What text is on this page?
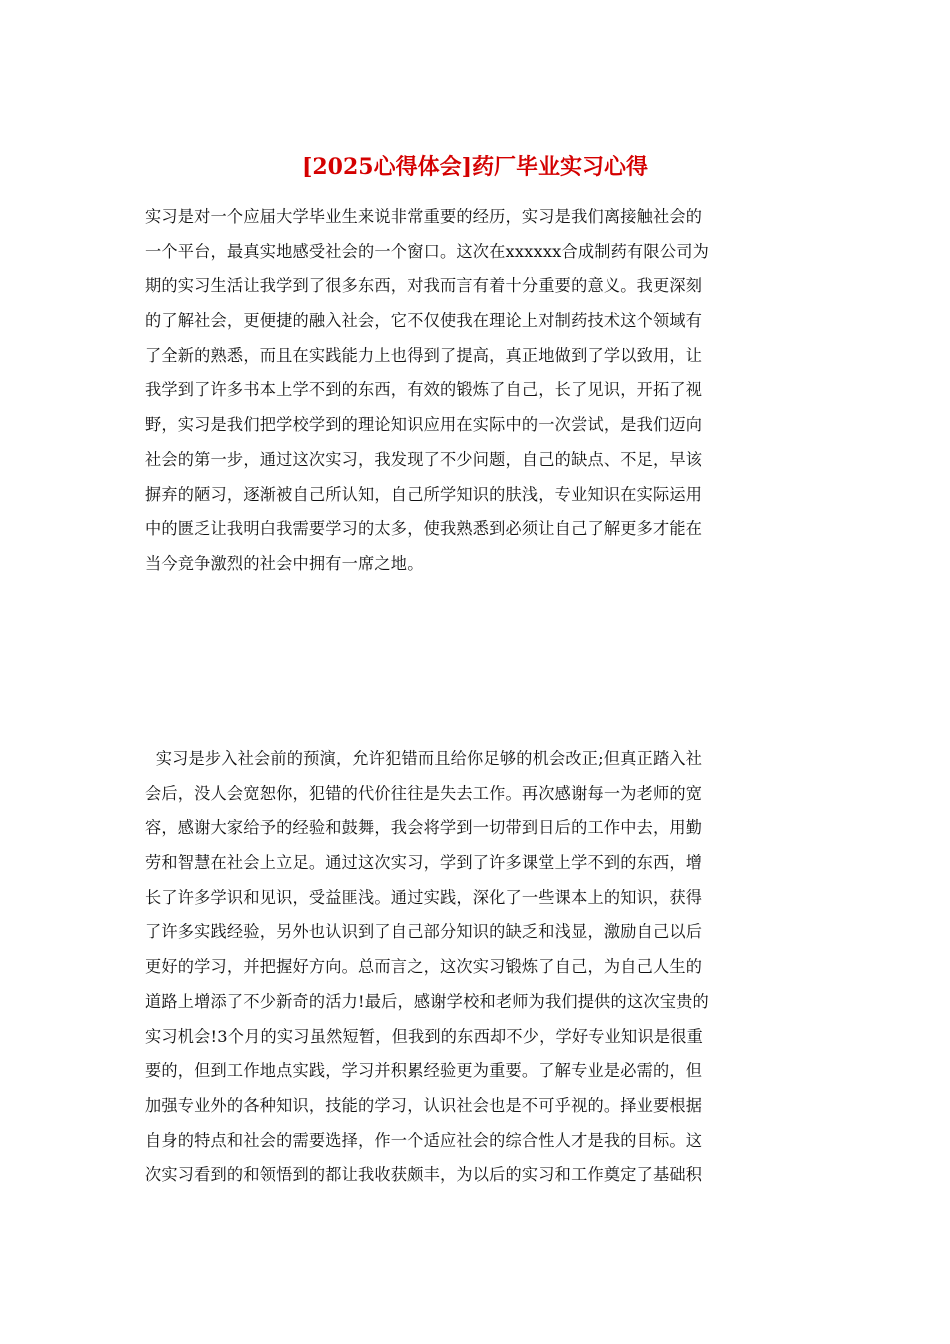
[2025心得体会]药厂毕业实习心得
实习是对一个应届大学毕业生来说非常重要的经历，实习是我们离接触社会的
一个平台，最真实地感受社会的一个窗口。这次在xxxxxx合成制药有限公司为
期的实习生活让我学到了很多东西，对我而言有着十分重要的意义。我更深刻
的了解社会，更便捷的融入社会，它不仅使我在理论上对制药技术这个领域有
了全新的熟悉，而且在实践能力上也得到了提高，真正地做到了学以致用，让
我学到了许多书本上学不到的东西，有效的锻炼了自己，长了见识，开拓了视
野，实习是我们把学校学到的理论知识应用在实际中的一次尝试，是我们迈向
社会的第一步，通过这次实习，我发现了不少问题，自己的缺点、不足，早该
摒弃的陋习，逐渐被自己所认知，自己所学知识的肤浅，专业知识在实际运用
中的匮乏让我明白我需要学习的太多，使我熟悉到必须让自己了解更多才能在
当今竞争激烈的社会中拥有一席之地。
实习是步入社会前的预演，允许犯错而且给你足够的机会改正;但真正踏入社
会后，没人会宽恕你，犯错的代价往往是失去工作。再次感谢每一为老师的宽
容，感谢大家给予的经验和鼓舞，我会将学到一切带到日后的工作中去，用勤
劳和智慧在社会上立足。通过这次实习，学到了许多课堂上学不到的东西，增
长了许多学识和见识，受益匪浅。通过实践，深化了一些课本上的知识，获得
了许多实践经验，另外也认识到了自己部分知识的缺乏和浅显，激励自己以后
更好的学习，并把握好方向。总而言之，这次实习锻炼了自己，为自己人生的
道路上增添了不少新奇的活力!最后，感谢学校和老师为我们提供的这次宝贵的
实习机会!3个月的实习虽然短暂，但我到的东西却不少，学好专业知识是很重
要的，但到工作地点实践，学习并积累经验更为重要。了解专业是必需的，但
加强专业外的各种知识，技能的学习，认识社会也是不可乎视的。择业要根据
自身的特点和社会的需要选择，作一个适应社会的综合性人才是我的目标。这
次实习看到的和领悟到的都让我收获颇丰，为以后的实习和工作奠定了基础积
